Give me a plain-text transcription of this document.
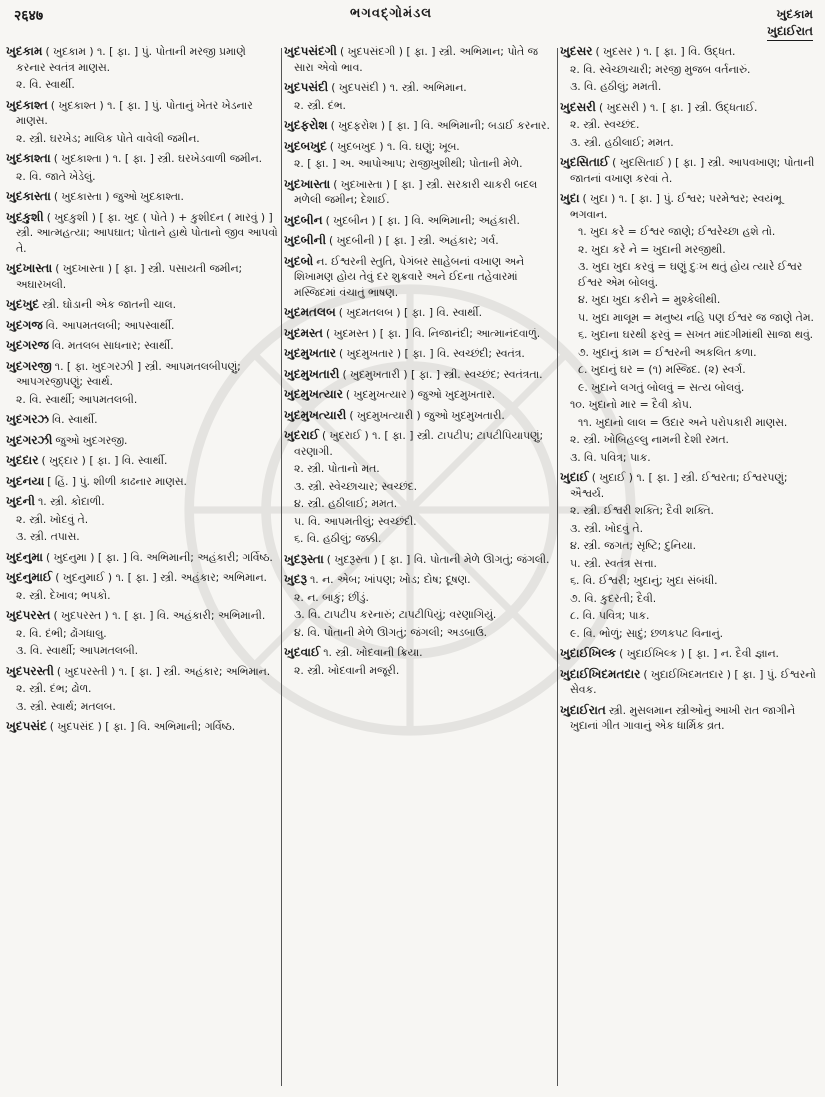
२६४७	ભગવદ્ગોમંડલ	ખુદકામ
ખુદાઈરાત
ખુદકામ ( ખુદકામ ) ૧. [ ફા. ] પું. પોતાની મરજી પ્રમાણે કરનાર સ્વતંત્ર માણસ.
૨. વિ. સ્વાર્થી.
ખુદકાશ્ત ( ખુદકાશ્ત ) ૧. [ ફા. ] પું. પોતાનું ખેતર ખેડનાર માણસ.
૨. સ્ત્રી. ઘરખેડ; માલિક પોતે વાવેલી જમીન.
ખુદકાશ્તા ( ખુદકાશ્તા ) ૧. [ ફા. ] સ્ત્રી. ઘરખેડવાળી જમીન.
૨. વિ. જાતે ખેડેલું.
ખુદકાસ્તા ( ખુદકાસ્તા ) જુઓ ખુદકાશ્તા.
ખુદકુશી ( ખુદકુશી ) [ ફા. ખુદ ( પોતે ) + કુશીદન ( મારવું ) ] સ્ત્રી. આત્મહત્યા; આપઘાત; પોતાને હાથે પોતાનો જીવ આપવો તે.
ખુદખાસ્તા ( ખુદખાસ્તા ) [ ફા. ] સ્ત્રી. પસાયતી જમીન; અઘારખલી.
ખુદખુદ સ્ત્રી. ઘોડાની એક જાતની ચાલ.
ખુદગજ વિ. આપમતલબી; આપસ્વાર્થી.
ખુદગરજ વિ. મતલબ સાધનાર; સ્વાર્થી.
ખુદગરજી ૧. [ ફા. ખુદગરઝી ] સ્ત્રી. આપમતલબીપણું; આપગરજીપણું; સ્વાર્થ.
૨. વિ. સ્વાર્થી; આપમતલબી.
ખુદગરઝ વિ. સ્વાર્થી.
ખુદગરઝી જુઓ ખુદગરજી.
ખુદદાર ( ખુદ્દાર ) [ ફા. ] વિ. સ્વાર્થી.
ખુદનયા [ હિં. ] પું. શીળી કાઢનાર માણસ.
ખુદની ૧. સ્ત્રી. કોદાળી.
૨. સ્ત્રી. ખોદવું તે.
૩. સ્ત્રી. તપાસ.
ખુદનુમા ( ખુદનુમા ) [ ફા. ] વિ. અભિમાની; અહંકારી; ગર્વિષ્ઠ.
ખુદનુમાઈ ( ખુદનુમાઈ ) ૧. [ ફા. ] સ્ત્રી. અહંકાર; અભિમાન.
૨. સ્ત્રી. દેખાવ; ભપકો.
ખુદપરસ્ત ( ખુદપરસ્ત ) ૧. [ ફા. ] વિ. અહંકારી; અભિમાની.
૨. વિ. દંભી; ઢોંગધાલુ.
૩. વિ. સ્વાર્થી; આપમતલબી.
ખુદપરસ્તી ( ખુદપરસ્તી ) ૧. [ ફા. ] સ્ત્રી. અહંકાર; અભિમાન.
૨. સ્ત્રી. દંભ; ઢોળ.
૩. સ્ત્રી. સ્વાર્થ; મતલબ.
ખુદપસંદ ( ખુદપસંદ ) [ ફા. ] વિ. અભિમાની; ગર્વિષ્ઠ.
ખુદપસંદગી ( ખુદપસંદગી ) [ ફા. ] સ્ત્રી. અભિમાન; પોતે જ સારા એવો ભાવ.
ખુદપસંદી ( ખુદપસંદી ) ૧. સ્ત્રી. અભિમાન.
૨. સ્ત્રી. દંભ.
ખુદફરોશ ( ખુદફરોશ ) [ ફા. ] વિ. અભિમાની; બડાઈ કરનાર.
ખુદબખુદ ( ખુદબખુદ ) ૧. વિ. ઘણું; ખૂબ.
૨. [ ફા. ] અ. આપોઆપ; રાજીખુશીથી; પોતાની મેળે.
ખુદખાસ્તા ( ખુદખાસ્તા ) [ ફા. ] સ્ત્રી. સરકારી ચાકરી બદલ મળેલી જમીન; દેશાઈ.
ખુદબીન ( ખુદબીન ) [ ફા. ] વિ. અભિમાની; અહંકારી.
ખુદબીની ( ખુદબીની ) [ ફા. ] સ્ત્રી. અહંકાર; ગર્વ.
ખુદબો ન. ઈશ્વરની સ્તુતિ, પેગંબર સાહેબનાં વખાણ અને શિખામણ હોય તેવું દર શુક્રવારે અને ઈદના તહેવારમાં મસ્જિદમાં વંચાતું ભાષણ.
ખુદમતલબ ( ખુદમતલબ ) [ ફા. ] વિ. સ્વાર્થી.
ખુદમસ્ત ( ખુદમસ્ત ) [ ફા. ] વિ. નિજાનંદી; આત્માનંદવાળું.
ખુદમુખતાર ( ખુદમુખતાર ) [ ફા. ] વિ. સ્વચ્છંદી; સ્વતંત્ર.
ખુદમુખતારી ( ખુદમુખતારી ) [ ફા. ] સ્ત્રી. સ્વચ્છંદ; સ્વતંત્રતા.
ખુદમુખત્યાર ( ખુદમુખત્યાર ) જુઓ ખુદમુખતાર.
ખુદમુખત્યારી ( ખુદમુખત્યારી ) જુઓ ખુદમુખતારી.
ખુદરાઈ ( ખુદરાઈ ) ૧. [ ફા. ] સ્ત્રી. ટાપટીપ; ટાપટીપિયાપણું; વરણાગી.
૨. સ્ત્રી. પોતાનો મત.
૩. સ્ત્રી. સ્વેચ્છાચાર; સ્વચ્છંદ.
૪. સ્ત્રી. હઠીલાઈ; મમત.
૫. વિ. આપમતીલું; સ્વચ્છંદી.
૬. વિ. હઠીલું; જક્કી.
ખુદરૂસ્તા ( ખુદરૂસ્તા ) [ ફા. ] વિ. પોતાની મેળે ઊગતું; જંગલી.
ખુદરૂ ૧. ન. એબ; ખાંપણ; ખોડ; દોષ; દૂષણ.
૨. ન. બાકું; છીંડું.
૩. વિ. ટાપટીપ કરનારું; ટાપટીપિયું; વરણાગિયું.
૪. વિ. પોતાની મેળે ઊગતું; જંગલી; અડબાઉ.
ખુદવાઈ ૧. સ્ત્રી. ખોદવાની ક્રિયા.
૨. સ્ત્રી. ખોદવાની મજૂરી.
ખુદસર ( ખુદસર ) ૧. [ ફા. ] વિ. ઉદ્ધત.
૨. વિ. સ્વેચ્છાચારી; મરજી મુજબ વર્તનારું.
૩. વિ. હઠીલું; મમતી.
ખુદસરી ( ખુદસરી ) ૧. [ ફા. ] સ્ત્રી. ઉદ્ધતાઈ.
૨. સ્ત્રી. સ્વચ્છંદ.
૩. સ્ત્રી. હઠીલાઈ; મમત.
ખુદસિતાઈ ( ખુદસિતાઈ ) [ ફા. ] સ્ત્રી. આપવખાણ; પોતાની જાતનાં વખાણ કરવાં તે.
ખુદા ( ખુદા ) ૧. [ ફા. ] પું. ઈશ્વર; પરમેશ્વર; સ્વયંભૂ ભગવાન.
૧. ખુદા કરે = ઈશ્વર જાણે; ઈશ્વરેચ્છા હશે તો.
૨. ખુદા કરે ને = ખુદાની મરજીથી.
૩. ખુદા ખુદા કરવું = ઘણું દુઃખ થતું હોય ત્યારે ઈશ્વર ઈશ્વર એમ બોલવું.
૪. ખુદા ખુદા કરીને = મુશ્કેલીથી.
૫. ખુદા માલૂમ = મનુષ્ય નહિ પણ ઈશ્વર જ જાણે તેમ.
૬. ખુદાના ઘરથી ફરવું = સખત માંદગીમાંથી સાજા થવું.
૭. ખુદાનું કામ = ઈશ્વરની અકલિત કળા.
૮. ખુદાનું ઘર = (૧) મસ્જિદ. (૨) સ્વર્ગ.
૯. ખુદાને લગતું બોલવું = સત્ય બોલવું.
૧૦. ખુદાનો માર = દૈવી કોપ.
૧૧. ખુદાનો લાલ = ઉદાર અને પરોપકારી માણસ.
૨. સ્ત્રી. ખોબિહલ્લુ નામની દેશી રમત.
૩. વિ. પવિત્ર; પાક.
ખુદાઈ ( ખુદાઈ ) ૧. [ ફા. ] સ્ત્રી. ઈશ્વરતા; ઈશ્વરપણું; ઐશ્વર્ય.
૨. સ્ત્રી. ઈશ્વરી શક્તિ; દૈવી શક્તિ.
૩. સ્ત્રી. ખોદવું તે.
૪. સ્ત્રી. જગત; સૃષ્ટિ; દુનિયા.
૫. સ્ત્રી. સ્વતંત્ર સત્તા.
૬. વિ. ઈશ્વરી; ખુદાનું; ખુદા સંબંધી.
૭. વિ. કુદરતી; દૈવી.
૮. વિ. પવિત્ર; પાક.
૯. વિ. ભોળું; સાદું; છળકપટ વિનાનું.
ખુદાઈખિલ્ક ( ખુદાઈખિલ્ક ) [ ફા. ] ન. દૈવી જ્ઞાન.
ખુદાઈખિદમતદાર ( ખુદાઈખિદમતદાર ) [ ફા. ] પું. ઈશ્વરનો સેવક.
ખુદાઈરાત સ્ત્રી. મુસલમાન સ્ત્રીઓનું આખી રાત જાગીને ખુદાનાં ગીત ગાવાનું એક ધાર્મિક વ્રત.
